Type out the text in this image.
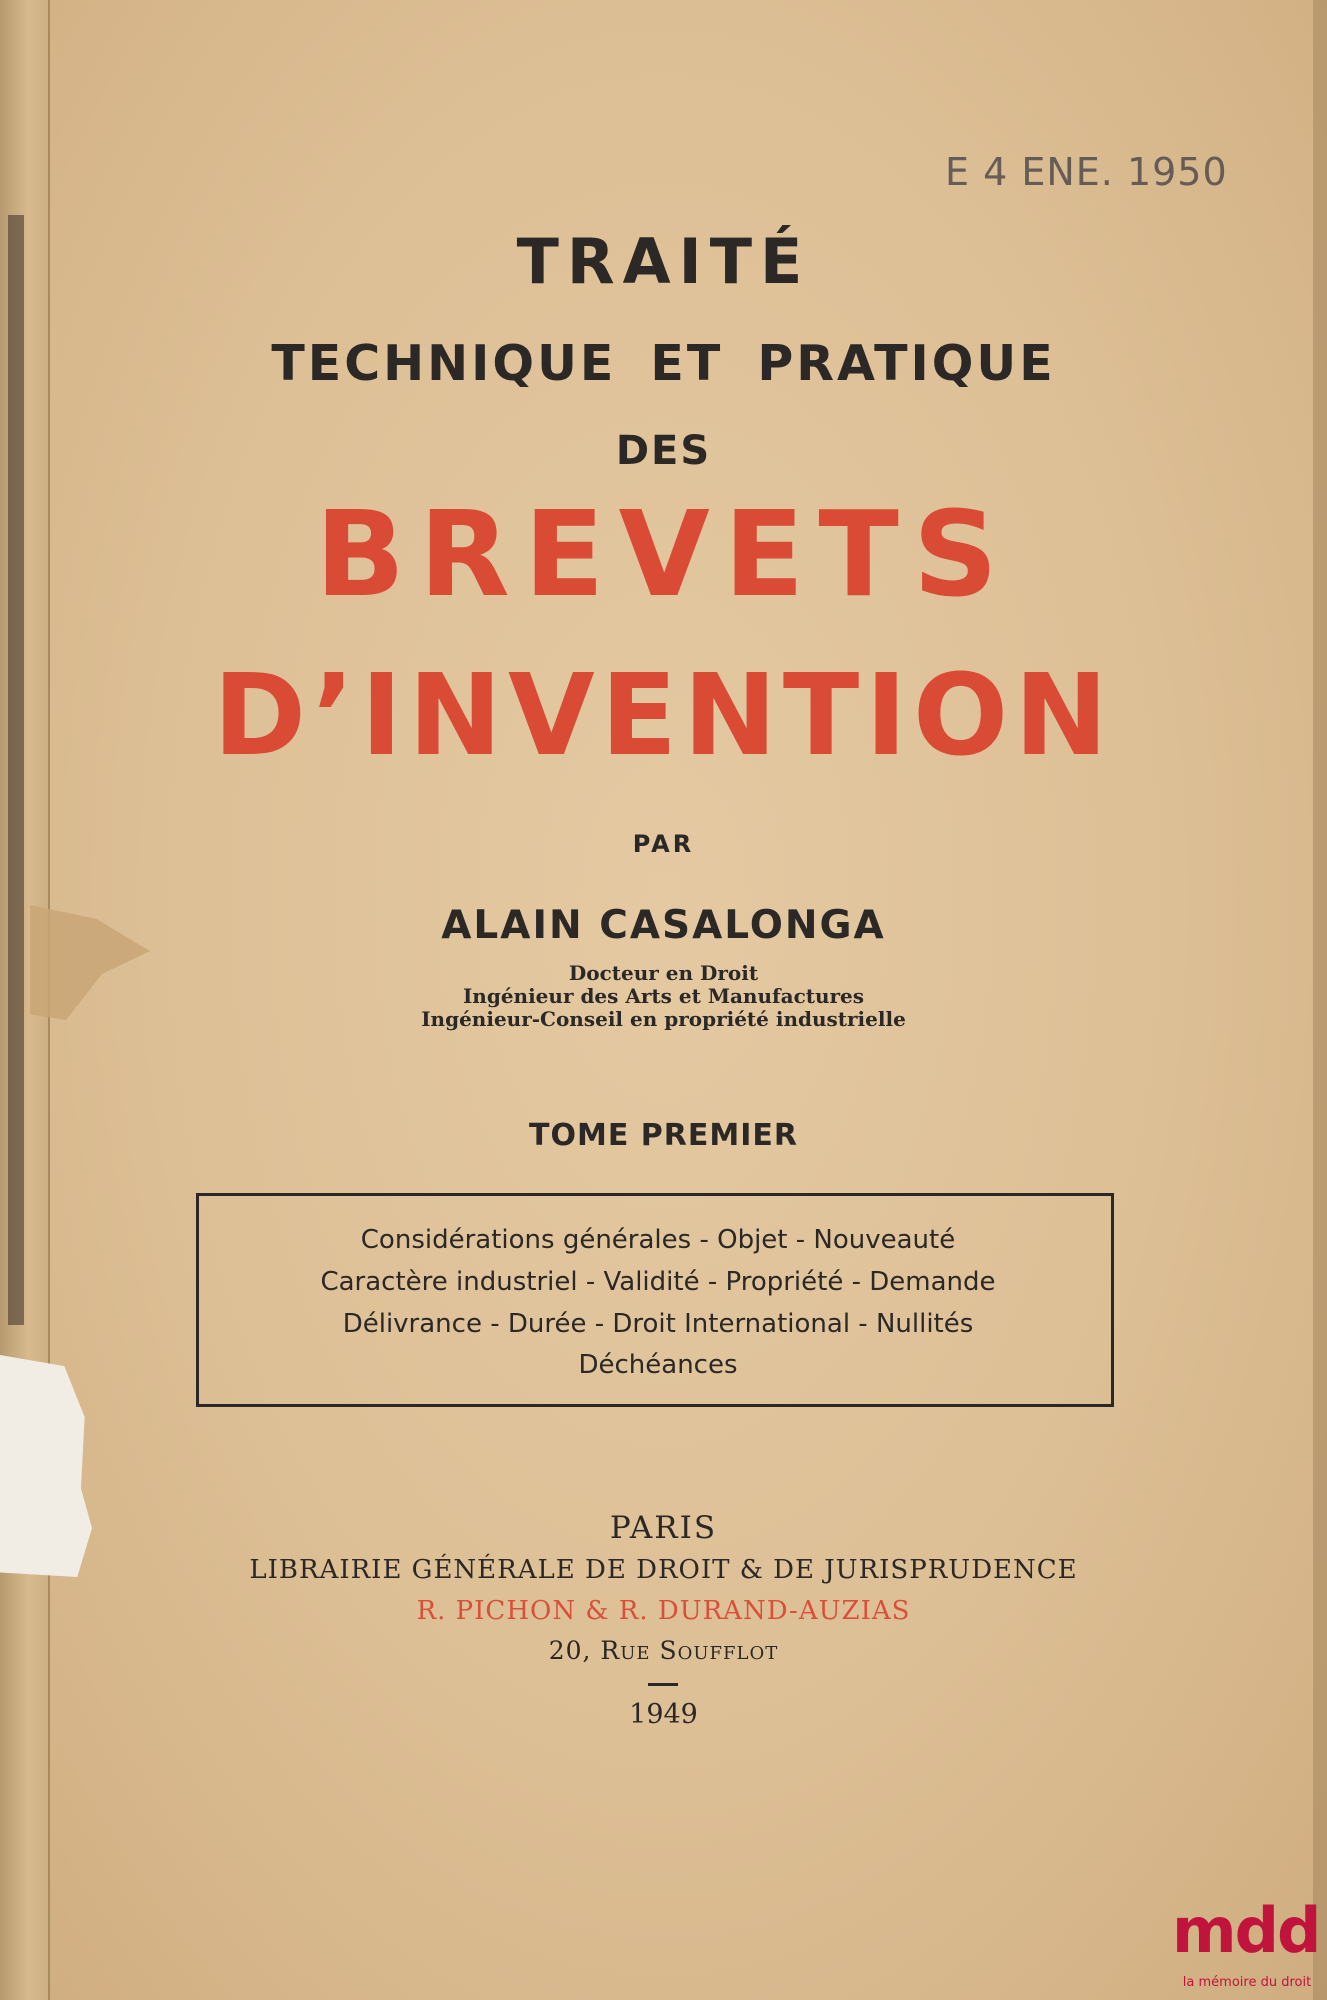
E 4 ENE. 1950
TRAITÉ
TECHNIQUE ET PRATIQUE
DES
BREVETS
D’INVENTION
PAR
ALAIN CASALONGA
Docteur en Droit
Ingénieur des Arts et Manufactures
Ingénieur-Conseil en propriété industrielle
TOME PREMIER
Considérations générales - Objet - Nouveauté
Caractère industriel - Validité - Propriété - Demande
Délivrance - Durée - Droit International - Nullités
Déchéances
PARIS
LIBRAIRIE GÉNÉRALE DE DROIT & DE JURISPRUDENCE
R. PICHON & R. DURAND-AUZIAS
20, Rue Soufflot
1949
mdd
la mémoire du droit
